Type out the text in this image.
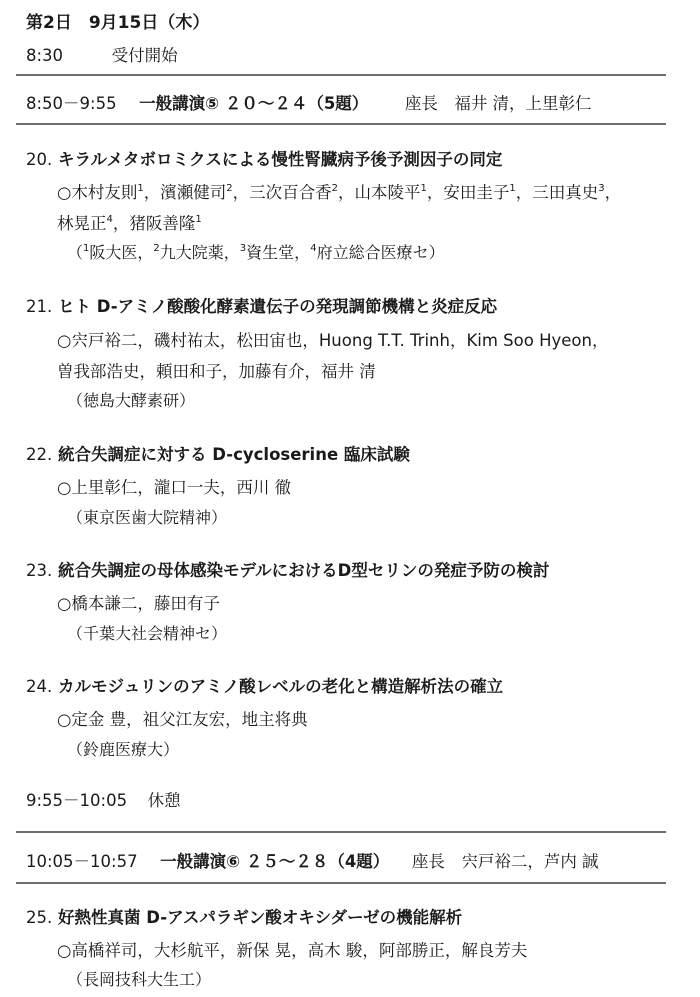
第2日　9月15日（木）
8:30	受付開始
8:50－9:55 一般講演⑤ ２０～２４（5題） 座長　福井 清，上里彰仁
20. キラルメタボロミクスによる慢性腎臓病予後予測因子の同定
○木村友則$^1$，濱瀬健司$^2$，三次百合香$^2$，山本陵平$^1$，安田圭子$^1$，三田真史$^3$，
林晃正$^4$，猪阪善隆$^1$
（$^1$阪大医，$^2$九大院薬，$^3$資生堂，$^4$府立総合医療セ）
21. ヒト D-アミノ酸酸化酵素遺伝子の発現調節機構と炎症反応
○宍戸裕二，磯村祐太，松田宙也，Huong T.T. Trinh，Kim Soo Hyeon，
曽我部浩史，頼田和子，加藤有介，福井 清
（徳島大酵素研）
22. 統合失調症に対する D-cycloserine 臨床試験
○上里彰仁，瀧口一夫，西川 徹
（東京医歯大院精神）
23. 統合失調症の母体感染モデルにおけるD型セリンの発症予防の検討
○橋本謙二，藤田有子
（千葉大社会精神セ）
24. カルモジュリンのアミノ酸レベルの老化と構造解析法の確立
○定金 豊，祖父江友宏，地主将典
（鈴鹿医療大）
9:55－10:05 休憩
10:05－10:57 一般講演⑥ ２５～２８（4題） 座長　宍戸裕二，芦内 誠
25. 好熱性真菌 D-アスパラギン酸オキシダーゼの機能解析
○高橋祥司，大杉航平，新保 晃，高木 駿，阿部勝正，解良芳夫
（長岡技科大生工）
